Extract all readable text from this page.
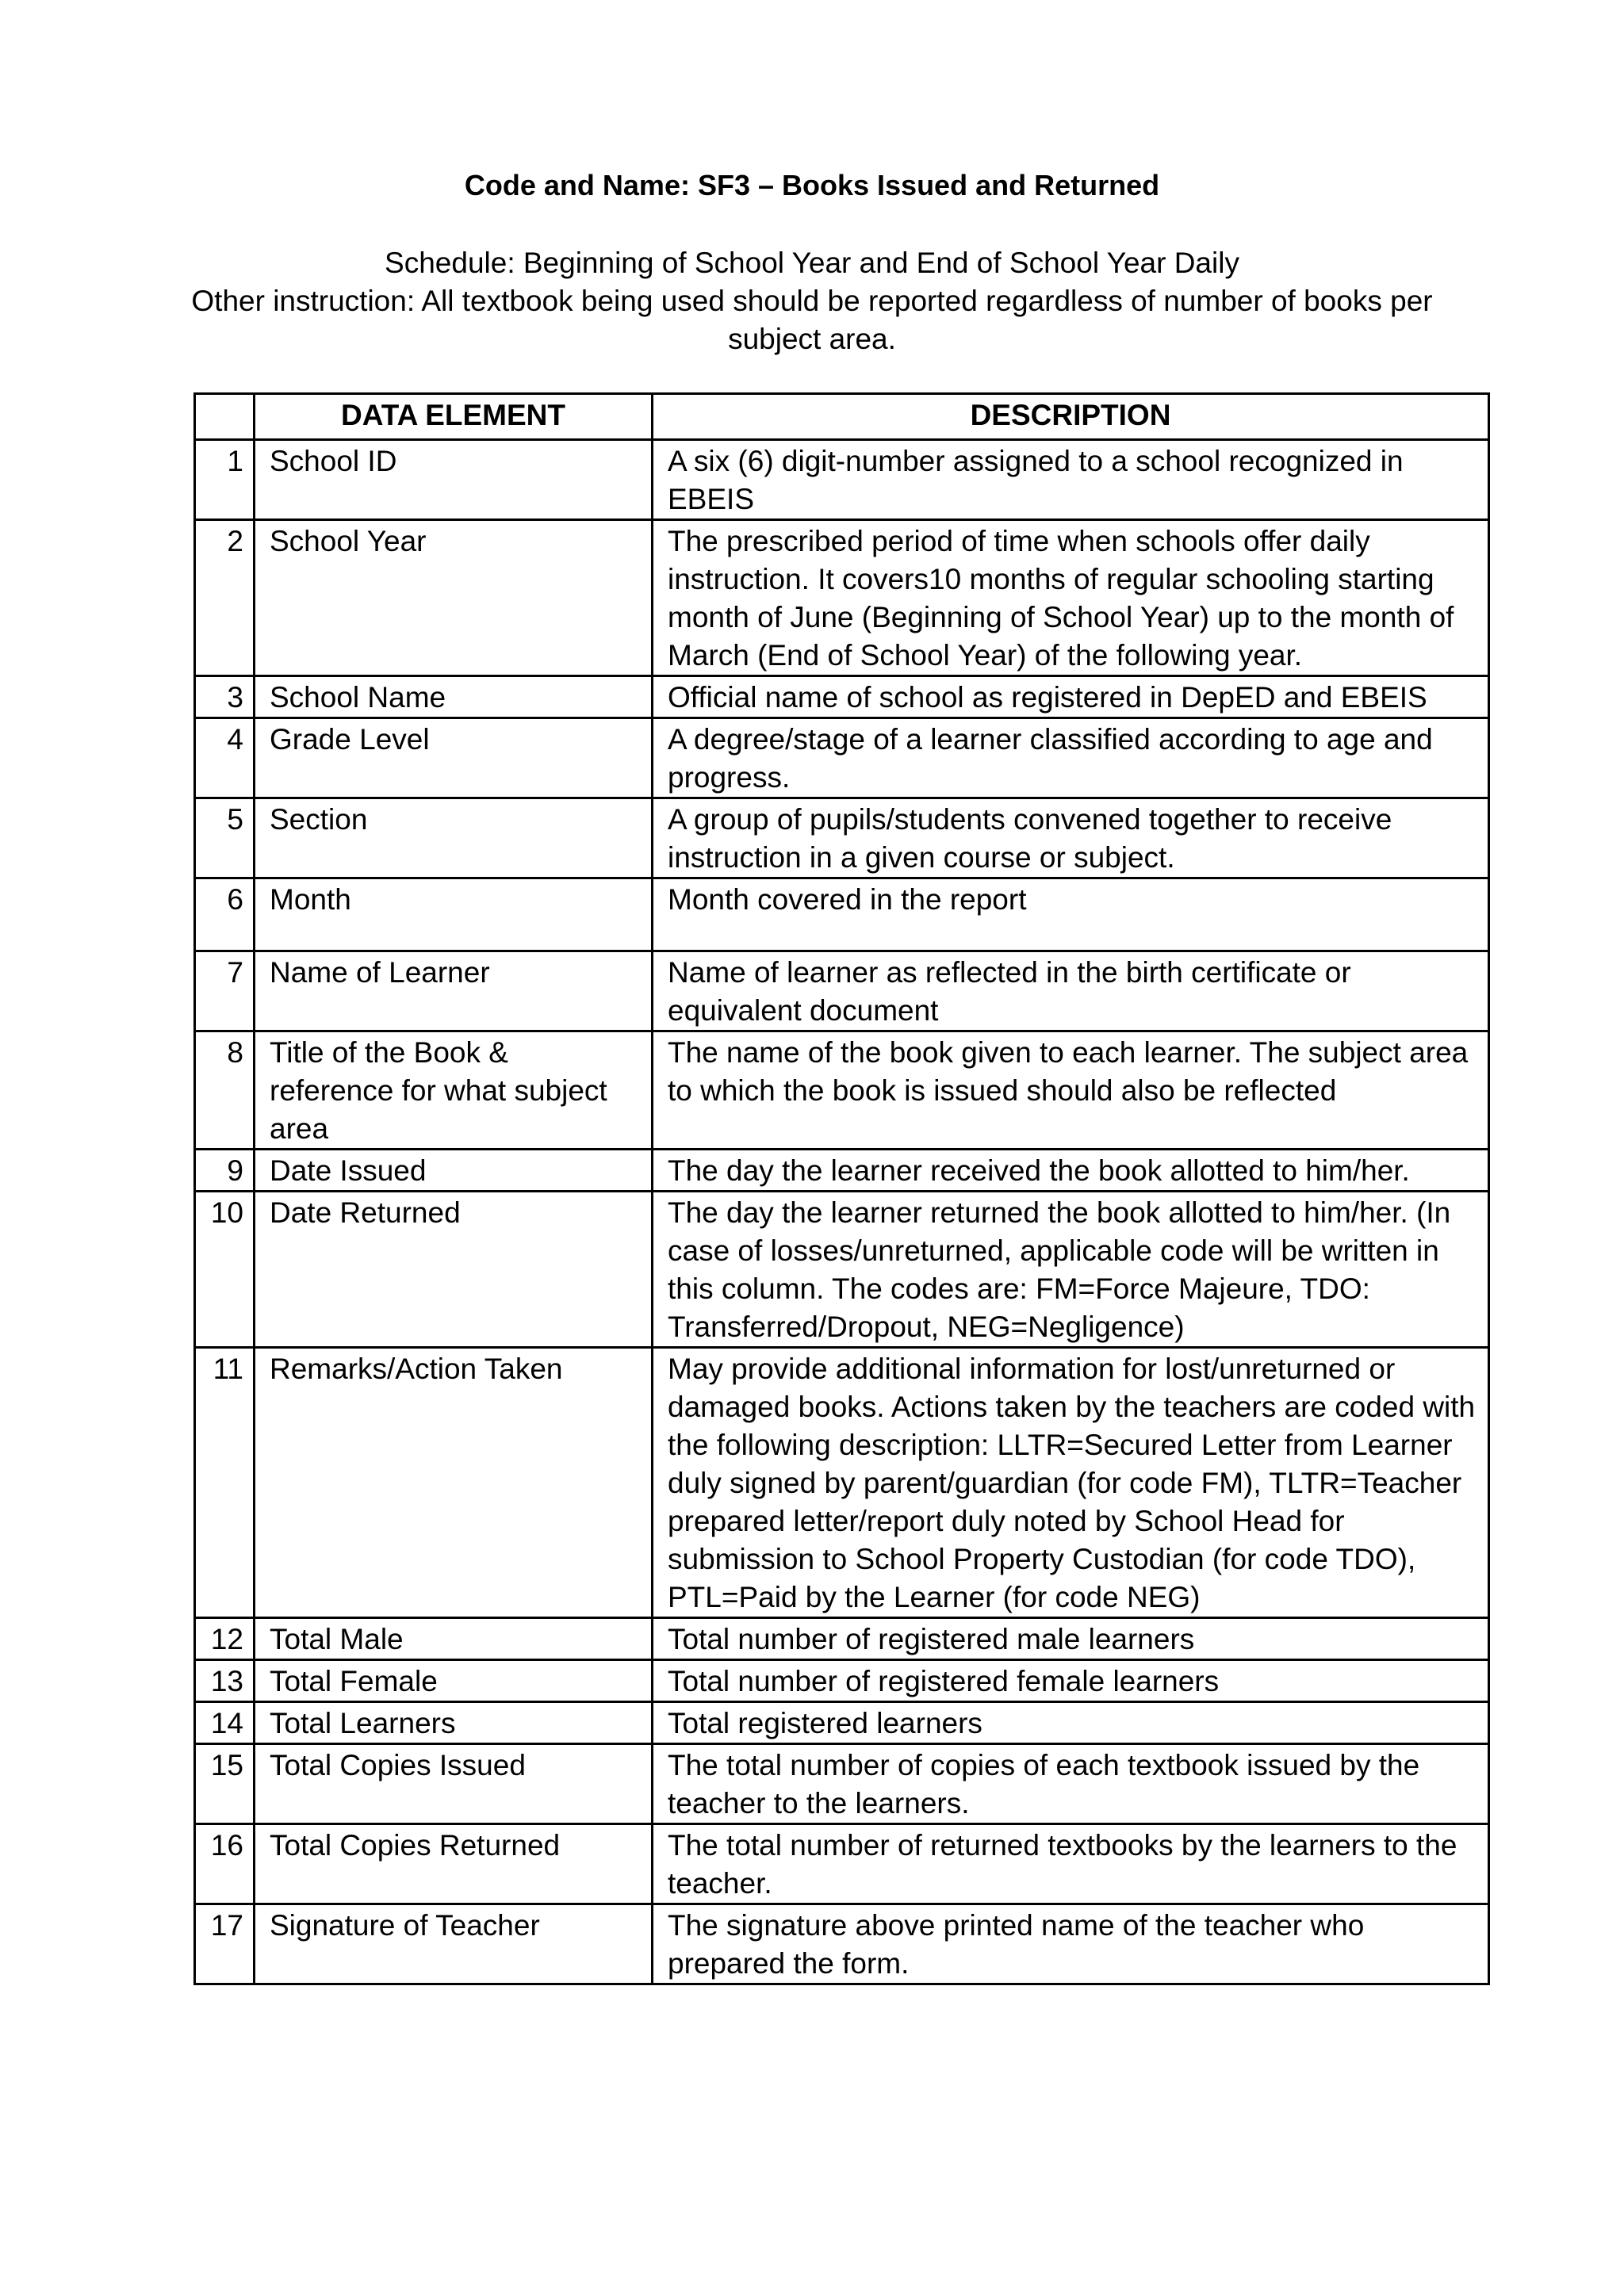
Code and Name: SF3 – Books Issued and Returned
Schedule: Beginning of School Year and End of School Year Daily
Other instruction: All textbook being used should be reported regardless of number of books per subject area.
	DATA ELEMENT	DESCRIPTION
1	School ID	A six (6) digit-number assigned to a school recognized in EBEIS
2	School Year	The prescribed period of time when schools offer daily instruction. It covers10 months of regular schooling starting month of June (Beginning of School Year) up to the month of March (End of School Year) of the following year.
3	School Name	Official name of school as registered in DepED and EBEIS
4	Grade Level	A degree/stage of a learner classified according to age and progress.
5	Section	A group of pupils/students convened together to receive instruction in a given course or subject.
6	Month	Month covered in the report
7	Name of Learner	Name of learner as reflected in the birth certificate or equivalent document
8	Title of the Book & reference for what subject area	The name of the book given to each learner. The subject area to which the book is issued should also be reflected
9	Date Issued	The day the learner received the book allotted to him/her.
10	Date Returned	The day the learner returned the book allotted to him/her. (In case of losses/unreturned, applicable code will be written in this column. The codes are: FM=Force Majeure, TDO: Transferred/Dropout, NEG=Negligence)
11	Remarks/Action Taken	May provide additional information for lost/unreturned or damaged books. Actions taken by the teachers are coded with the following description: LLTR=Secured Letter from Learner duly signed by parent/guardian (for code FM), TLTR=Teacher prepared letter/report duly noted by School Head for submission to School Property Custodian (for code TDO), PTL=Paid by the Learner (for code NEG)
12	Total Male	Total number of registered male learners
13	Total Female	Total number of registered female learners
14	Total Learners	Total registered learners
15	Total Copies Issued	The total number of copies of each textbook issued by the teacher to the learners.
16	Total Copies Returned	The total number of returned textbooks by the learners to the teacher.
17	Signature of Teacher	The signature above printed name of the teacher who prepared the form.
